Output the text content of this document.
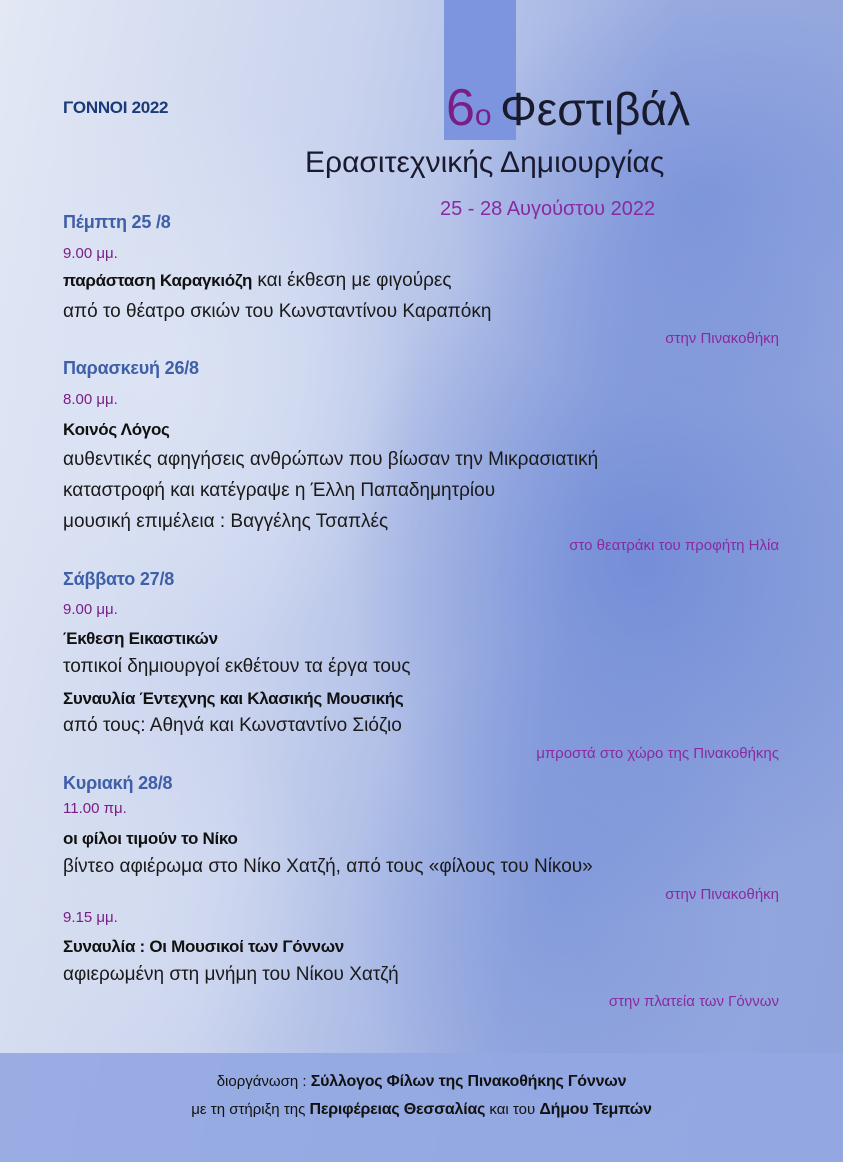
ΓΟΝΝΟΙ 2022	6ο Φεστιβάλ

Ερασιτεχνικής Δημιουργίας

25 - 28 Αυγούστου 2022

Πέμπτη 25 /8

9.00 μμ.

παράσταση Καραγκιόζη και έκθεση με φιγούρες

από το θέατρο σκιών του Κωνσταντίνου Καραπόκη

στην Πινακοθήκη

Παρασκευή 26/8

8.00 μμ.

Κοινός Λόγος

αυθεντικές αφηγήσεις ανθρώπων που βίωσαν την Μικρασιατική

καταστροφή και κατέγραψε η Έλλη Παπαδημητρίου

μουσική επιμέλεια : Βαγγέλης Τσαπλές

στο θεατράκι του προφήτη Ηλία

Σάββατο 27/8

9.00 μμ.

Έκθεση Εικαστικών

τοπικοί δημιουργοί εκθέτουν τα έργα τους

Συναυλία Έντεχνης και Κλασικής Μουσικής

από τους: Αθηνά και Κωνσταντίνο Σιόζιο

μπροστά στο χώρο της Πινακοθήκης

Κυριακή 28/8

11.00 πμ.

οι φίλοι τιμούν το Νίκο

βίντεο αφιέρωμα στο Νίκο Χατζή, από τους «φίλους του Νίκου»

στην Πινακοθήκη

9.15 μμ.

Συναυλία : Οι Μουσικοί των Γόννων

αφιερωμένη στη μνήμη του Νίκου Χατζή

στην πλατεία των Γόννων

διοργάνωση : Σύλλογος Φίλων της Πινακοθήκης Γόννων

με τη στήριξη της Περιφέρειας Θεσσαλίας και του Δήμου Τεμπών
